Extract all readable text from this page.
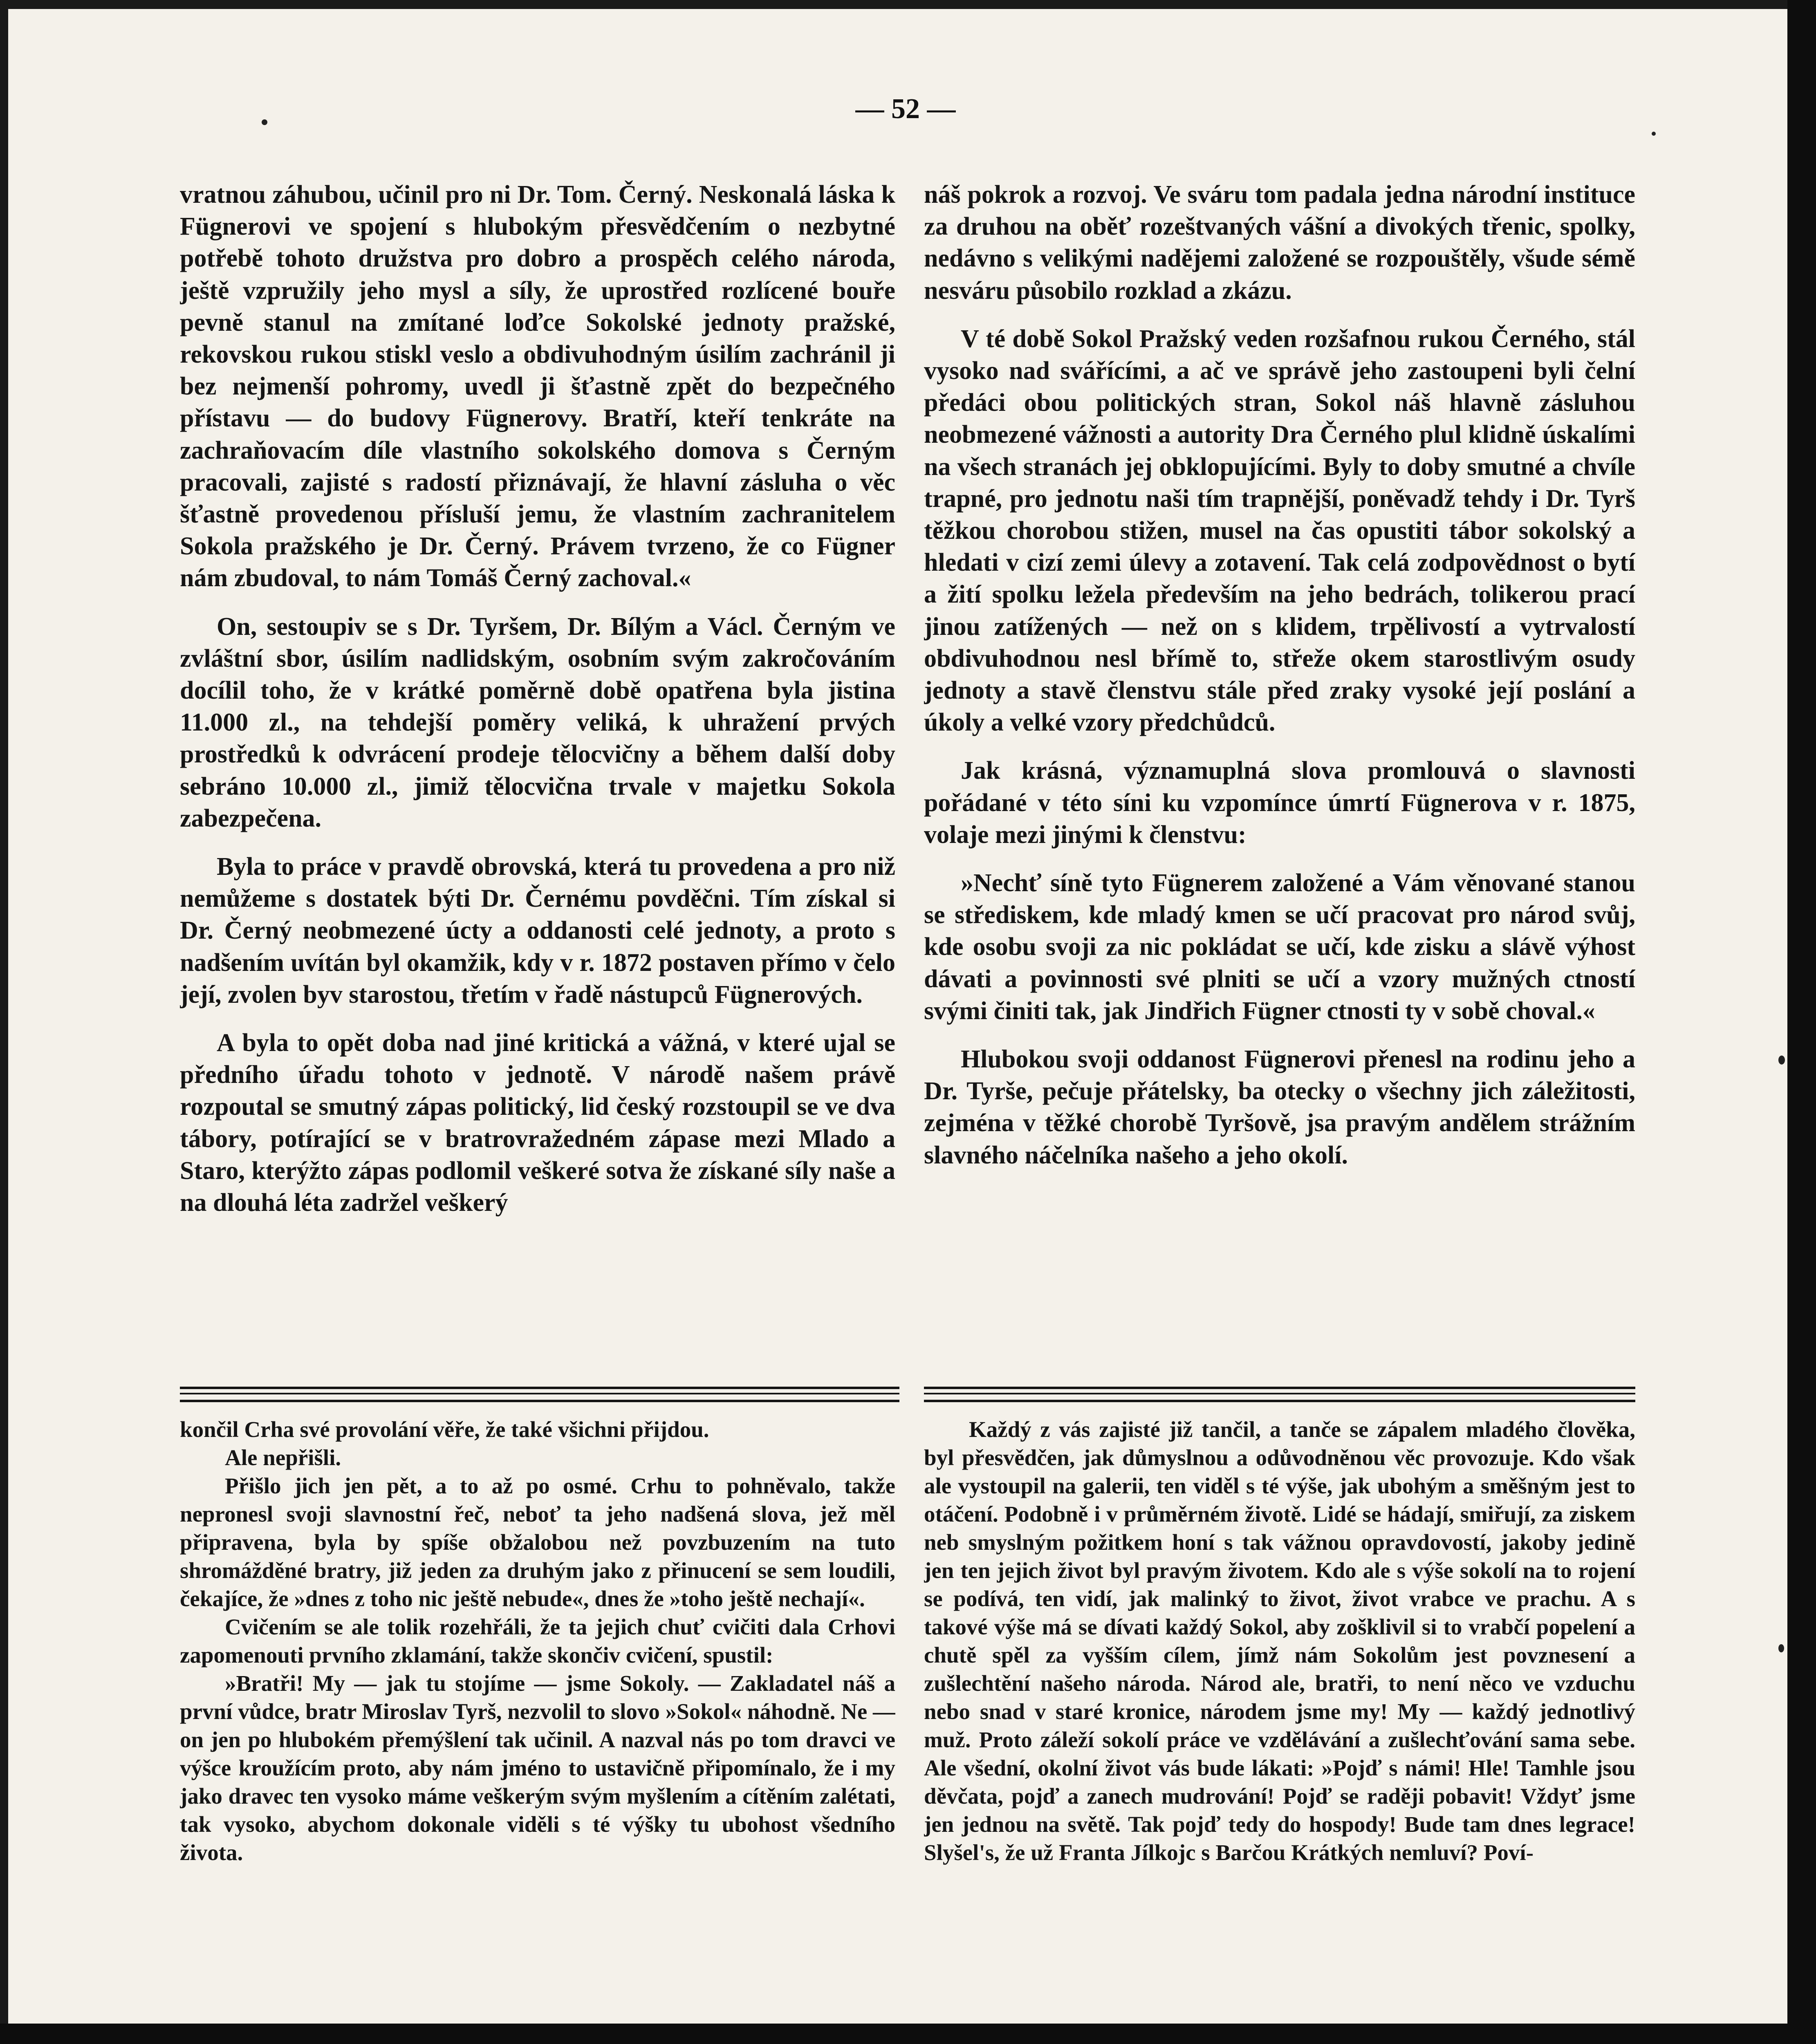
— 52 —

vratnou záhubou, učinil pro ni Dr. Tom. Černý. Neskonalá láska k Fügnerovi ve spojení s hlubokým přesvědčením o nezbytné potřebě tohoto družstva pro dobro a prospěch celého národa, ještě vzpružily jeho mysl a síly, že uprostřed rozlícené bouře pevně stanul na zmítané loďce Sokolské jednoty pražské, rekovskou rukou stiskl veslo a obdivuhodným úsilím zachránil ji bez nejmenší pohromy, uvedl ji šťastně zpět do bezpečného přístavu — do budovy Fügnerovy. Bratří, kteří tenkráte na zachraňovacím díle vlastního sokolského domova s Černým pracovali, zajisté s radostí přiznávají, že hlavní zásluha o věc šťastně provedenou přísluší jemu, že vlastním zachranitelem Sokola pražského je Dr. Černý. Právem tvrzeno, že co Fügner nám zbudoval, to nám Tomáš Černý zachoval.«

On, sestoupiv se s Dr. Tyršem, Dr. Bílým a Václ. Černým ve zvláštní sbor, úsilím nadlidským, osobním svým zakročováním docílil toho, že v krátké poměrně době opatřena byla jistina 11.000 zl., na tehdejší poměry veliká, k uhražení prvých prostředků k odvrácení prodeje tělocvičny a během další doby sebráno 10.000 zl., jimiž tělocvična trvale v majetku Sokola zabezpečena.

Byla to práce v pravdě obrovská, která tu provedena a pro niž nemůžeme s dostatek býti Dr. Černému povděčni. Tím získal si Dr. Černý neobmezené úcty a oddanosti celé jednoty, a proto s nadšením uvítán byl okamžik, kdy v r. 1872 postaven přímo v čelo její, zvolen byv starostou, třetím v řadě nástupců Fügnerových.

A byla to opět doba nad jiné kritická a vážná, v které ujal se předního úřadu tohoto v jednotě. V národě našem právě rozpoutal se smutný zápas politický, lid český rozstoupil se ve dva tábory, potírající se v bratrovražedném zápase mezi Mlado a Staro, kterýžto zápas podlomil veškeré sotva že získané síly naše a na dlouhá léta zadržel veškerý

náš pokrok a rozvoj. Ve sváru tom padala jedna národní instituce za druhou na oběť rozeštvaných vášní a divokých třenic, spolky, nedávno s velikými nadějemi založené se rozpouštěly, všude sémě nesváru působilo rozklad a zkázu.

V té době Sokol Pražský veden rozšafnou rukou Černého, stál vysoko nad svářícími, a ač ve správě jeho zastoupeni byli čelní předáci obou politických stran, Sokol náš hlavně zásluhou neobmezené vážnosti a autority Dra Černého plul klidně úskalími na všech stranách jej obklopujícími. Byly to doby smutné a chvíle trapné, pro jednotu naši tím trapnější, poněvadž tehdy i Dr. Tyrš těžkou chorobou stižen, musel na čas opustiti tábor sokolský a hledati v cizí zemi úlevy a zotavení. Tak celá zodpovědnost o bytí a žití spolku ležela především na jeho bedrách, tolikerou prací jinou zatížených — než on s klidem, trpělivostí a vytrvalostí obdivuhodnou nesl břímě to, střeže okem starostlivým osudy jednoty a stavě členstvu stále před zraky vysoké její poslání a úkoly a velké vzory předchůdců.

Jak krásná, významuplná slova promlouvá o slavnosti pořádané v této síni ku vzpomínce úmrtí Fügnerova v r. 1875, volaje mezi jinými k členstvu:

»Nechť síně tyto Fügnerem založené a Vám věnované stanou se střediskem, kde mladý kmen se učí pracovat pro národ svůj, kde osobu svoji za nic pokládat se učí, kde zisku a slávě výhost dávati a povinnosti své plniti se učí a vzory mužných ctností svými činiti tak, jak Jindřich Fügner ctnosti ty v sobě choval.«

Hlubokou svoji oddanost Fügnerovi přenesl na rodinu jeho a Dr. Tyrše, pečuje přátelsky, ba otecky o všechny jich záležitosti, zejména v těžké chorobě Tyršově, jsa pravým andělem strážním slavného náčelníka našeho a jeho okolí.

končil Crha své provolání věře, že také všichni přijdou.

Ale nepřišli.

Přišlo jich jen pět, a to až po osmé. Crhu to pohněvalo, takže nepronesl svoji slavnostní řeč, neboť ta jeho nadšená slova, jež měl připravena, byla by spíše obžalobou než povzbuzením na tuto shromážděné bratry, již jeden za druhým jako z přinucení se sem loudili, čekajíce, že »dnes z toho nic ještě nebude«, dnes že »toho ještě nechají«.

Cvičením se ale tolik rozehřáli, že ta jejich chuť cvičiti dala Crhovi zapomenouti prvního zklamání, takže skončiv cvičení, spustil:

»Bratři! My — jak tu stojíme — jsme Sokoly. — Zakladatel náš a první vůdce, bratr Miroslav Tyrš, nezvolil to slovo »Sokol« náhodně. Ne — on jen po hlubokém přemýšlení tak učinil. A nazval nás po tom dravci ve výšce kroužícím proto, aby nám jméno to ustavičně připomínalo, že i my jako dravec ten vysoko máme veškerým svým myšlením a cítěním zalétati, tak vysoko, abychom dokonale viděli s té výšky tu ubohost všedního života.

Každý z vás zajisté již tančil, a tanče se zápalem mladého člověka, byl přesvědčen, jak důmyslnou a odůvodněnou věc provozuje. Kdo však ale vystoupil na galerii, ten viděl s té výše, jak ubohým a směšným jest to otáčení. Podobně i v průměrném životě. Lidé se hádají, smiřují, za ziskem neb smyslným požitkem honí s tak vážnou opravdovostí, jakoby jedině jen ten jejich život byl pravým životem. Kdo ale s výše sokolí na to rojení se podívá, ten vidí, jak malinký to život, život vrabce ve prachu. A s takové výše má se dívati každý Sokol, aby zošklivil si to vrabčí popelení a chutě spěl za vyšším cílem, jímž nám Sokolům jest povznesení a zušlechtění našeho národa. Národ ale, bratři, to není něco ve vzduchu nebo snad v staré kronice, národem jsme my! My — každý jednotlivý muž. Proto záleží sokolí práce ve vzdělávání a zušlechťování sama sebe. Ale všední, okolní život vás bude lákati: »Pojď s námi! Hle! Tamhle jsou děvčata, pojď a zanech mudrování! Pojď se raději pobavit! Vždyť jsme jen jednou na světě. Tak pojď tedy do hospody! Bude tam dnes legrace! Slyšel's, že už Franta Jílkojc s Barčou Krátkých nemluví? Poví-
